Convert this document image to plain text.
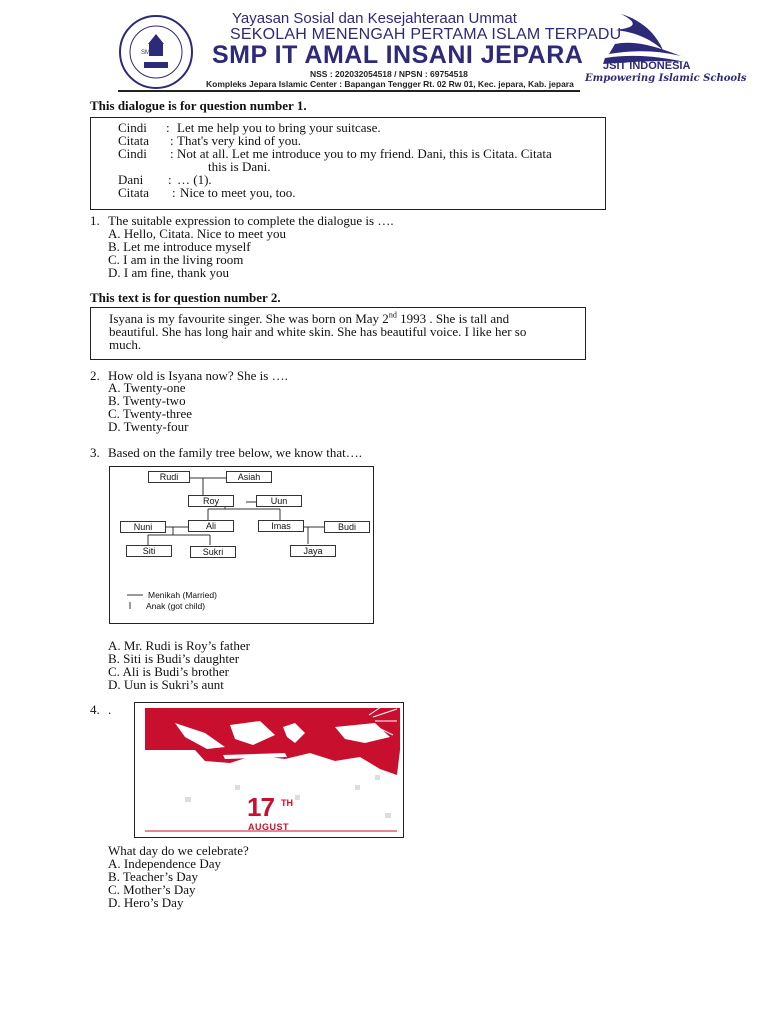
SMP IT
Yayasan Sosial dan Kesejahteraan Ummat
SEKOLAH MENENGAH PERTAMA ISLAM TERPADU
SMP IT AMAL INSANI JEPARA
NSS : 202032054518 / NPSN : 69754518
Kompleks Jepara Islamic Center : Bapangan Tengger Rt. 02 Rw 01, Kec. jepara, Kab. jepara
JSIT INDONESIA
Empowering Islamic Schools
This dialogue is for question number 1.
Cindi : Let me help you to bring your suitcase.
Citata : That's very kind of you.
Cindi : Not at all. Let me introduce you to my friend. Dani, this is Citata. Citata
this is Dani.
Dani : … (1).
Citata : Nice to meet you, too.
1. The suitable expression to complete the dialogue is ….
A. Hello, Citata. Nice to meet you
B. Let me introduce myself
C. I am in the living room
D. I am fine, thank you
This text is for question number 2.
Isyana is my favourite singer. She was born on May 2nd 1993 . She is tall and
beautiful. She has long hair and white skin. She has beautiful voice. I like her so
much.
2. How old is Isyana now? She is ….
A. Twenty-one
B. Twenty-two
C. Twenty-three
D. Twenty-four
3. Based on the family tree below, we know that….
Rudi	Asiah
Roy	Uun
Nuni	Ali	Imas	Budi
Siti	Sukri	Jaya
Menikah (Married)
Anak (got child)
A. Mr. Rudi is Roy’s father
B. Siti is Budi’s daughter
C. Ali is Budi’s brother
D. Uun is Sukri’s aunt
4. .
17 TH
AUGUST
What day do we celebrate?
A. Independence Day
B. Teacher’s Day
C. Mother’s Day
D. Hero’s Day
